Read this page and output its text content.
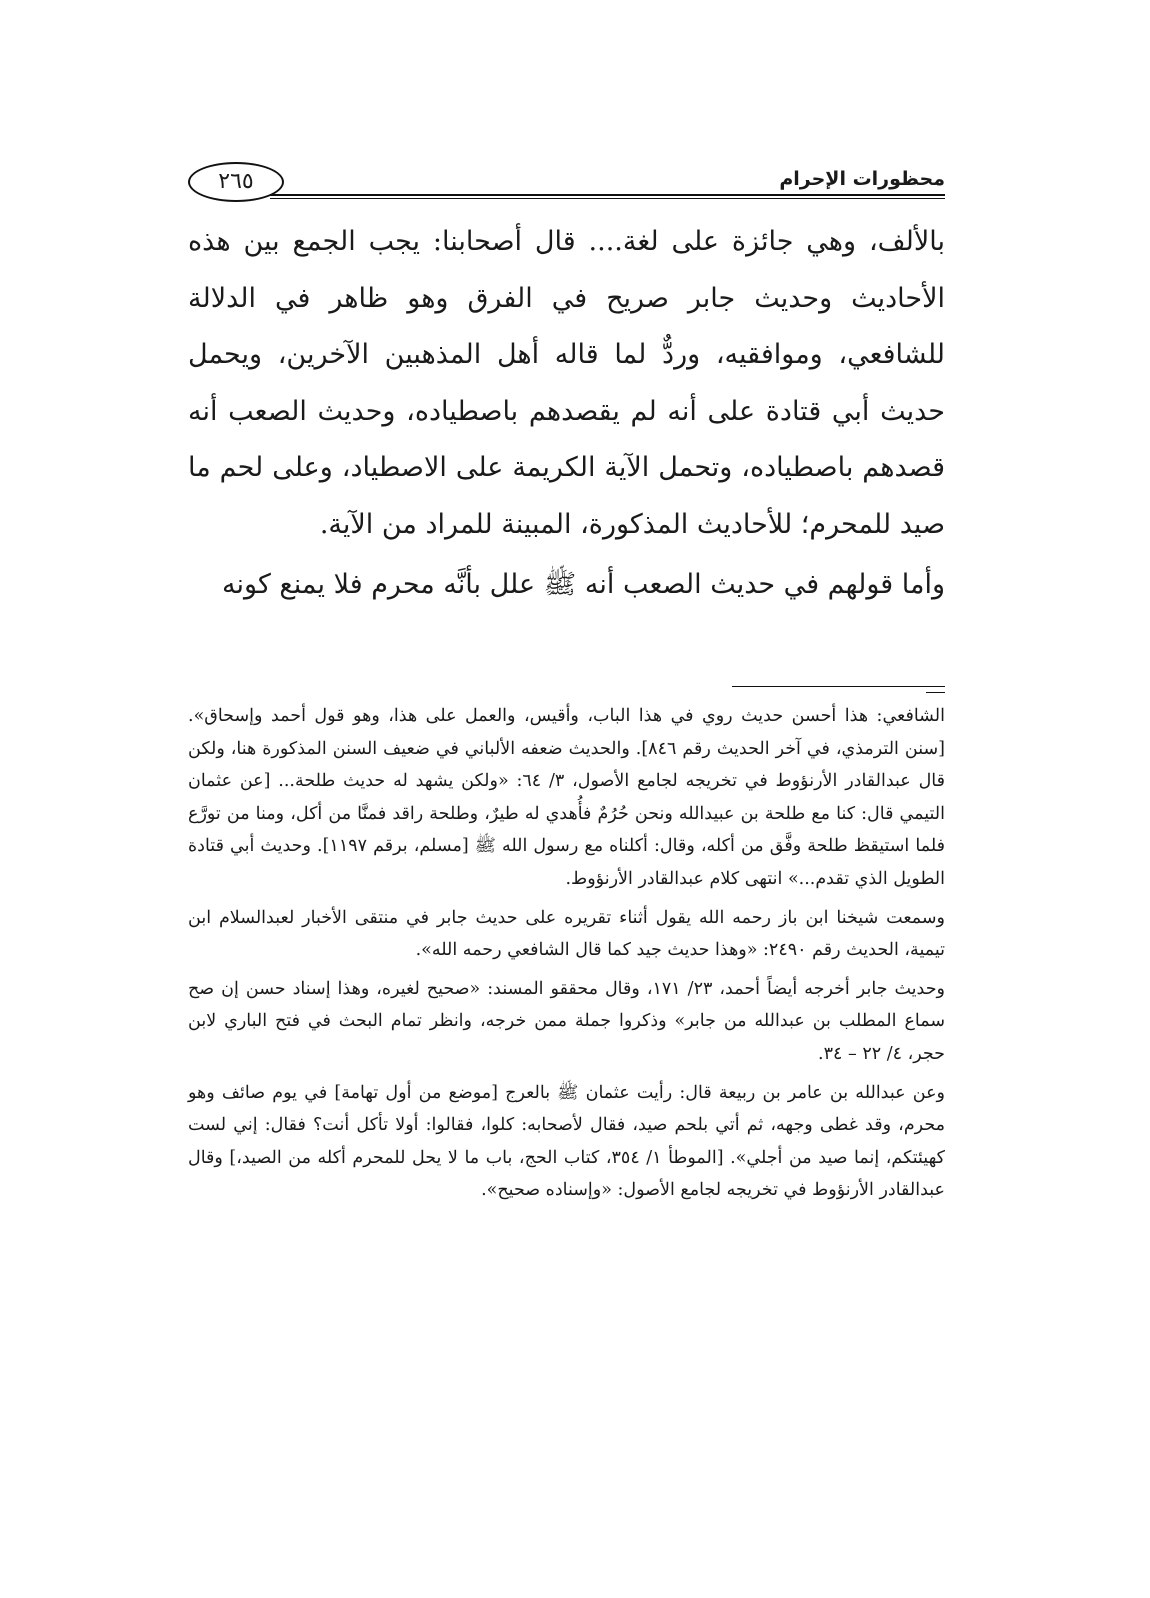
٢٦٥	محظورات الإحرام

بالألف، وهي جائزة على لغة.... قال أصحابنا: يجب الجمع بين هذه الأحاديث وحديث جابر صريح في الفرق وهو ظاهر في الدلالة للشافعي، وموافقيه، وردٌّ لما قاله أهل المذهبين الآخرين، ويحمل حديث أبي قتادة على أنه لم يقصدهم باصطياده، وحديث الصعب أنه قصدهم باصطياده، وتحمل الآية الكريمة على الاصطياد، وعلى لحم ما صيد للمحرم؛ للأحاديث المذكورة، المبينة للمراد من الآية.

وأما قولهم في حديث الصعب أنه ﷺ علل بأنَّه محرم فلا يمنع كونه

الشافعي: هذا أحسن حديث روي في هذا الباب، وأقيس، والعمل على هذا، وهو قول أحمد وإسحاق». [سنن الترمذي، في آخر الحديث رقم ٨٤٦]. والحديث ضعفه الألباني في ضعيف السنن المذكورة هنا، ولكن قال عبدالقادر الأرنؤوط في تخريجه لجامع الأصول، ٣/ ٦٤: «ولكن يشهد له حديث طلحة... [عن عثمان التيمي قال: كنا مع طلحة بن عبيدالله ونحن حُرُمٌ فأُهدي له طيرٌ، وطلحة راقد فمنَّا من أكل، ومنا من تورَّع فلما استيقظ طلحة وفَّق من أكله، وقال: أكلناه مع رسول الله ﷺ [مسلم، برقم ١١٩٧]. وحديث أبي قتادة الطويل الذي تقدم...» انتهى كلام عبدالقادر الأرنؤوط.

وسمعت شيخنا ابن باز رحمه الله يقول أثناء تقريره على حديث جابر في منتقى الأخبار لعبدالسلام ابن تيمية، الحديث رقم ٢٤٩٠: «وهذا حديث جيد كما قال الشافعي رحمه الله».

وحديث جابر أخرجه أيضاً أحمد، ٢٣/ ١٧١، وقال محققو المسند: «صحيح لغيره، وهذا إسناد حسن إن صح سماع المطلب بن عبدالله من جابر» وذكروا جملة ممن خرجه، وانظر تمام البحث في فتح الباري لابن حجر، ٤/ ٢٢ – ٣٤.

وعن عبدالله بن عامر بن ربيعة قال: رأيت عثمان ﷺ بالعرج [موضع من أول تهامة] في يوم صائف وهو محرم، وقد غطى وجهه، ثم أتي بلحم صيد، فقال لأصحابه: كلوا، فقالوا: أولا تأكل أنت؟ فقال: إني لست كهيئتكم، إنما صيد من أجلي». [الموطأ ١/ ٣٥٤، كتاب الحج، باب ما لا يحل للمحرم أكله من الصيد،] وقال عبدالقادر الأرنؤوط في تخريجه لجامع الأصول: «وإسناده صحيح».
